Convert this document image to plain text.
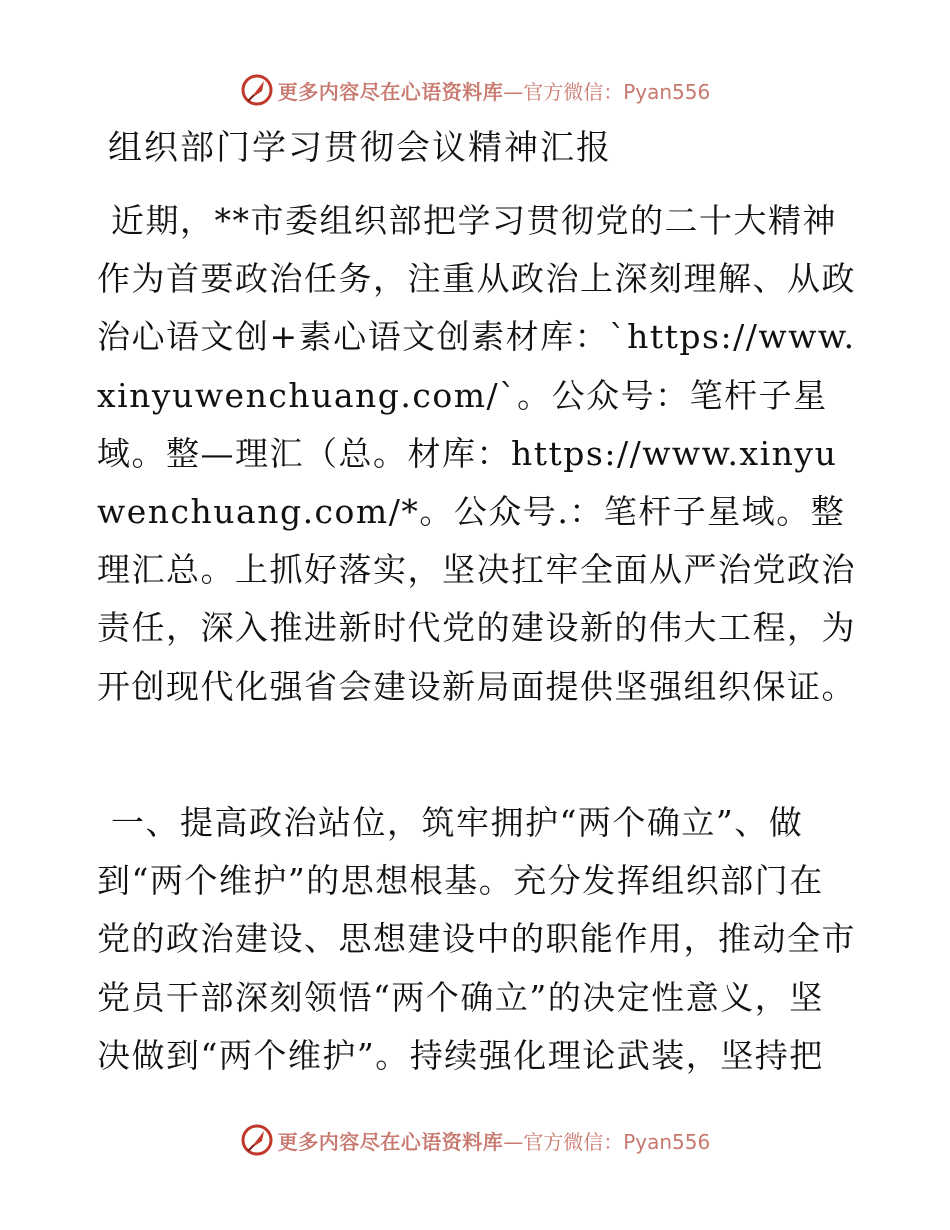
更多内容尽在心语资料库 —官方微信：Pyan556
组织部门学习贯彻会议精神汇报

近期，**市委组织部把学习贯彻党的二十大精神作为首要政治任务，注重从政治上深刻理解、从政治心语文创+素心语文创素材库：`https://www.xinyuwenchuang.com/`。公众号：笔杆子星域。整—理汇（总。材库：https://www.xinyuwenchuang.com/*。公众号.：笔杆子星域。整理汇总。上抓好落实，坚决扛牢全面从严治党政治责任，深入推进新时代党的建设新的伟大工程，为开创现代化强省会建设新局面提供坚强组织保证。

一、提高政治站位，筑牢拥护“两个确立”、做到“两个维护”的思想根基。充分发挥组织部门在党的政治建设、思想建设中的职能作用，推动全市党员干部深刻领悟“两个确立”的决定性意义，坚决做到“两个维护”。持续强化理论武装，坚持把

更多内容尽在心语资料库 —官方微信：Pyan556
